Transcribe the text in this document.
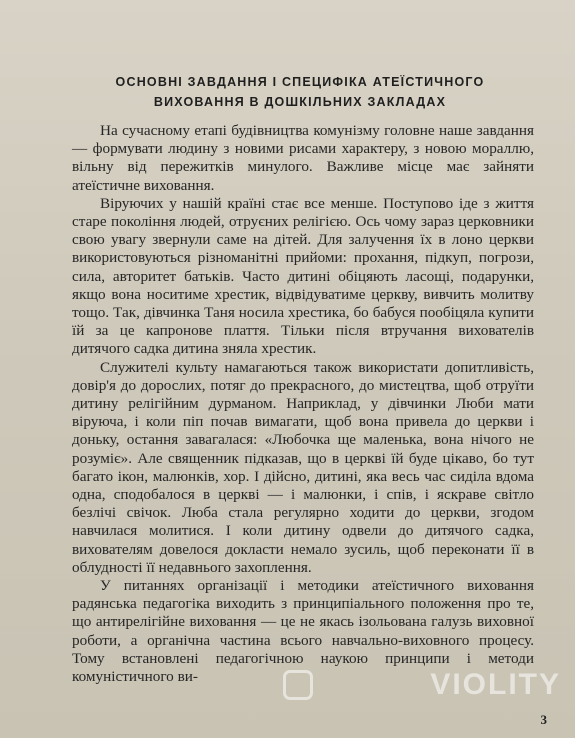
ОСНОВНІ ЗАВДАННЯ І СПЕЦИФІКА АТЕЇСТИЧНОГО
ВИХОВАННЯ В ДОШКІЛЬНИХ ЗАКЛАДАХ

На сучасному етапі будівництва комунізму головне наше завдання — формувати людину з новими рисами характеру, з новою мораллю, вільну від пережитків минулого. Важливе місце має зайняти атеїстичне виховання.

Віруючих у нашій країні стає все менше. Поступово іде з життя старе покоління людей, отруєних релігією. Ось чому зараз церковники свою увагу звернули саме на дітей. Для залучення їх в лоно церкви використовуються різноманітні прийоми: прохання, підкуп, погрози, сила, авторитет батьків. Часто дитині обіцяють ласощі, подарунки, якщо вона носитиме хрестик, відвідуватиме церкву, вивчить молитву тощо. Так, дівчинка Таня носила хрестика, бо бабуся пообіцяла купити їй за це капронове плаття. Тільки після втручання вихователів дитячого садка дитина зняла хрестик.

Служителі культу намагаються також використати допитливість, довір'я до дорослих, потяг до прекрасного, до мистецтва, щоб отруїти дитину релігійним дурманом. Наприклад, у дівчинки Люби мати віруюча, і коли піп почав вимагати, щоб вона привела до церкви і доньку, остання завагалася: «Любочка ще маленька, вона нічого не розуміє». Але священник підказав, що в церкві їй буде цікаво, бо тут багато ікон, малюнків, хор. І дійсно, дитині, яка весь час сиділа вдома одна, сподобалося в церкві — і малюнки, і спів, і яскраве світло безлічі свічок. Люба стала регулярно ходити до церкви, згодом навчилася молитися. І коли дитину одвели до дитячого садка, вихователям довелося докласти немало зусиль, щоб переконати її в облудності її недавнього захоплення.

У питаннях організації і методики атеїстичного виховання радянська педагогіка виходить з принципіального положення про те, що антирелігійне виховання — це не якась ізольована галузь виховної роботи, а органічна частина всього навчально-виховного процесу. Тому встановлені педагогічною наукою принципи і методи комуністичного ви-	VIOLITY
3
